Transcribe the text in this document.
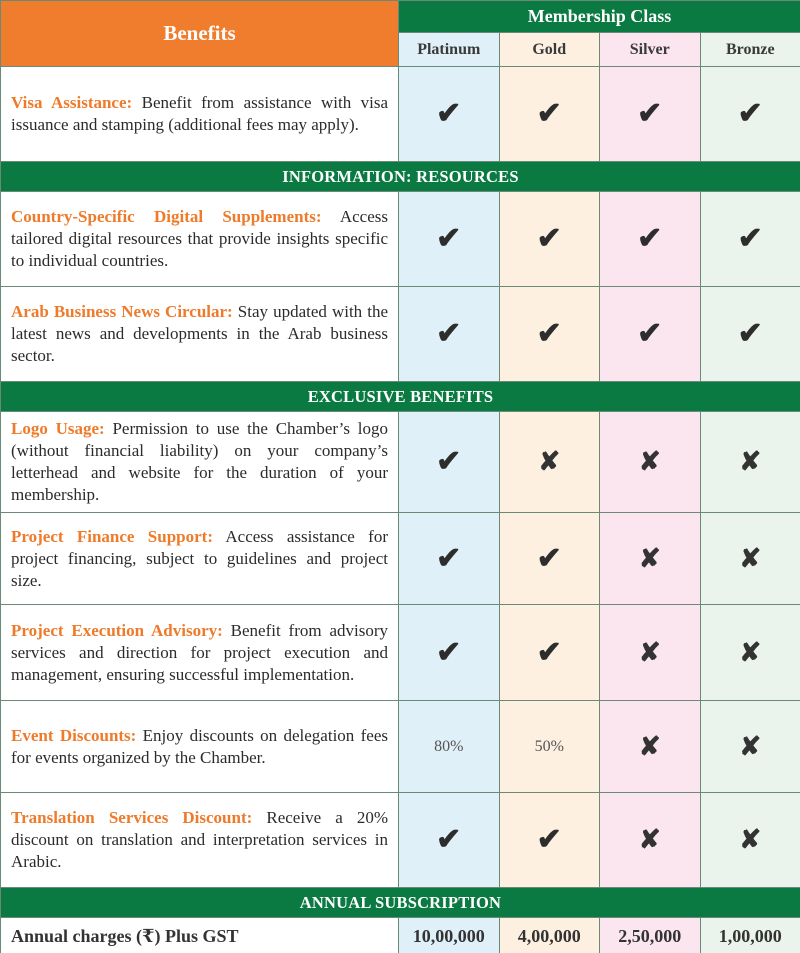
Benefits	Membership Class			
	Platinum	Gold	Silver	Bronze
Visa Assistance: Benefit from assistance with visa issuance and stamping (additional fees may apply).	✔	✔	✔	✔
INFORMATION: RESOURCES				
Country-Specific Digital Supplements: Access tailored digital resources that provide insights specific to individual countries.	✔	✔	✔	✔
Arab Business News Circular: Stay updated with the latest news and developments in the Arab business sector.	✔	✔	✔	✔
EXCLUSIVE BENEFITS				
Logo Usage: Permission to use the Chamber’s logo (without financial liability) on your company’s letterhead and website for the duration of your membership.	✔	✘	✘	✘
Project Finance Support: Access assistance for project financing, subject to guidelines and project size.	✔	✔	✘	✘
Project Execution Advisory: Benefit from advisory services and direction for project execution and management, ensuring successful implementation.	✔	✔	✘	✘
Event Discounts: Enjoy discounts on delegation fees for events organized by the Chamber.	80%	50%	✘	✘
Translation Services Discount: Receive a 20% discount on translation and interpretation services in Arabic.	✔	✔	✘	✘
ANNUAL SUBSCRIPTION				
Annual charges (₹) Plus GST	10,00,000	4,00,000	2,50,000	1,00,000
